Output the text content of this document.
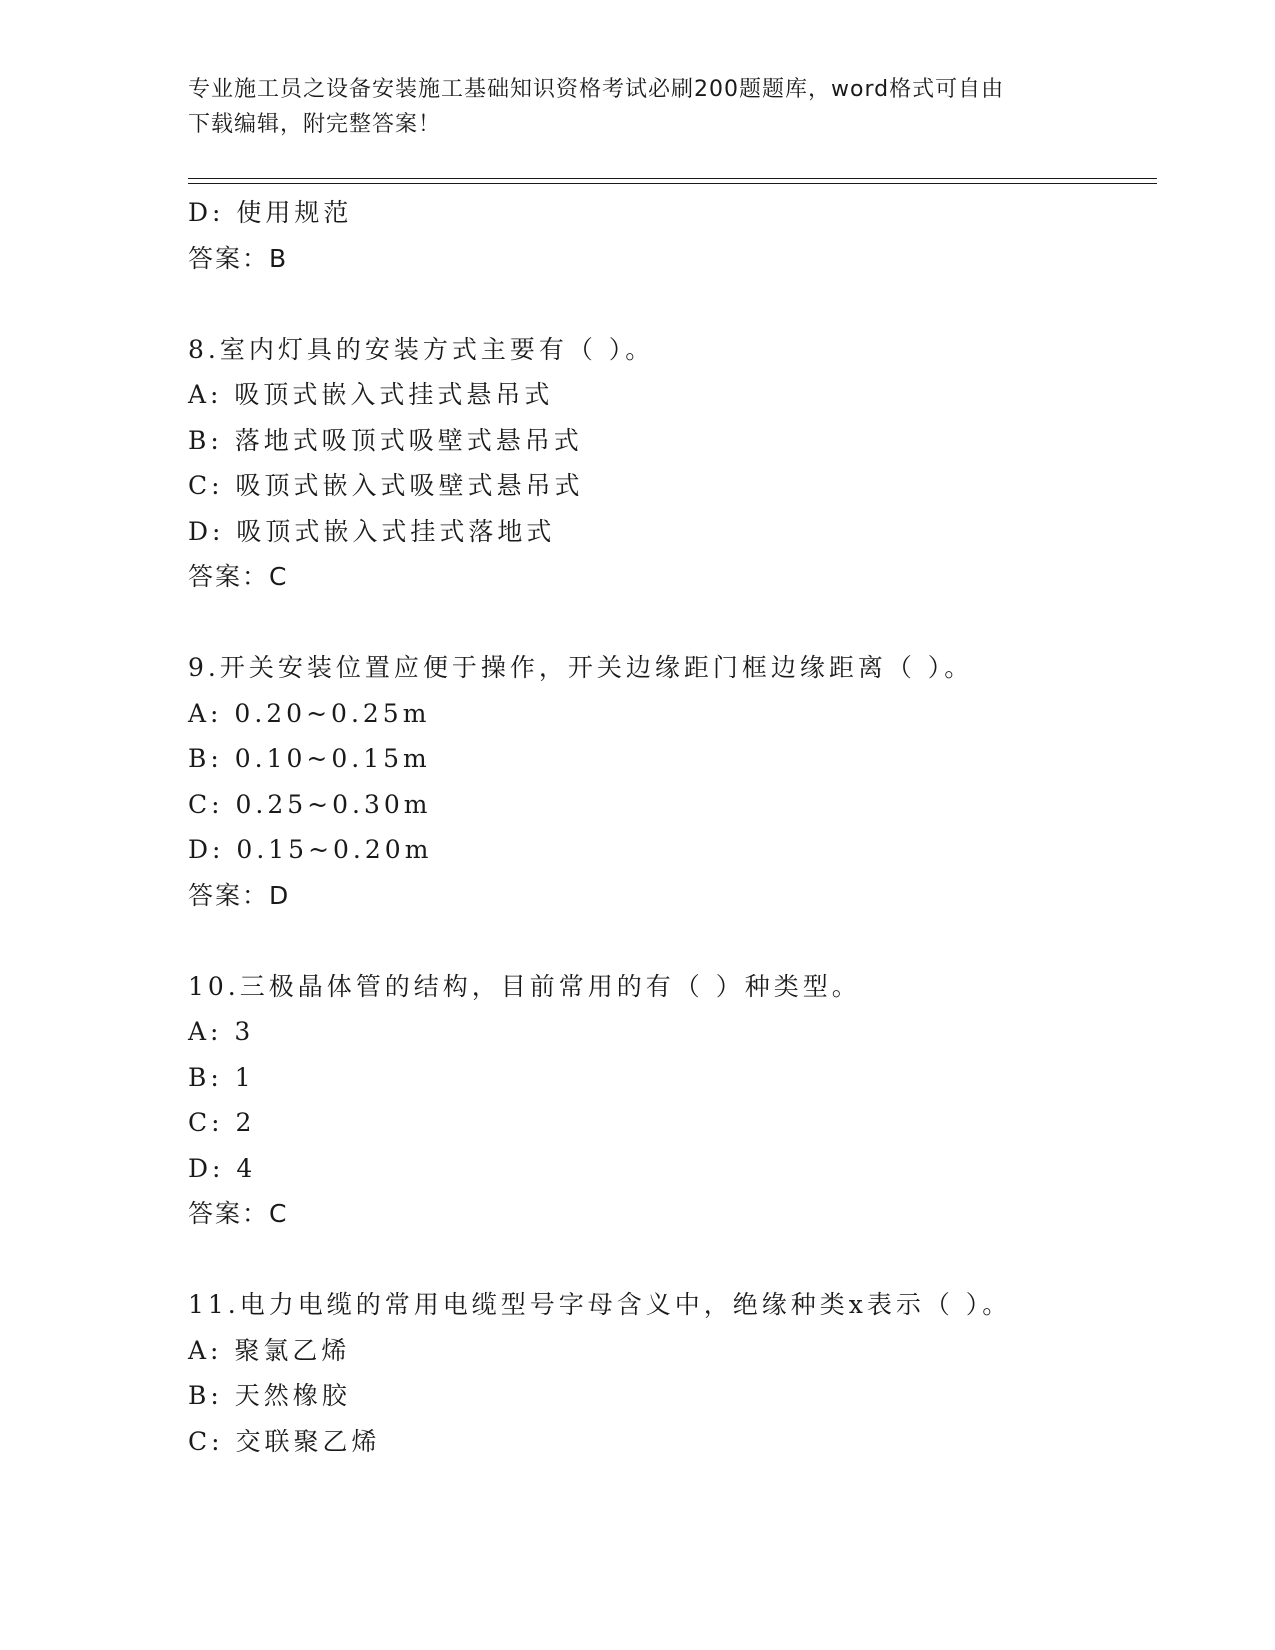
专业施工员之设备安装施工基础知识资格考试必刷200题题库，word格式可自由
下载编辑，附完整答案！
D: 使用规范
答案：B
8.室内灯具的安装方式主要有（ ）。
A: 吸顶式嵌入式挂式悬吊式
B: 落地式吸顶式吸壁式悬吊式
C: 吸顶式嵌入式吸壁式悬吊式
D: 吸顶式嵌入式挂式落地式
答案：C
9.开关安装位置应便于操作，开关边缘距门框边缘距离（ ）。
A: 0.20~0.25m
B: 0.10~0.15m
C: 0.25~0.30m
D: 0.15~0.20m
答案：D
10.三极晶体管的结构，目前常用的有（ ）种类型。
A: 3
B: 1
C: 2
D: 4
答案：C
11.电力电缆的常用电缆型号字母含义中，绝缘种类x表示（ ）。
A: 聚氯乙烯
B: 天然橡胶
C: 交联聚乙烯
